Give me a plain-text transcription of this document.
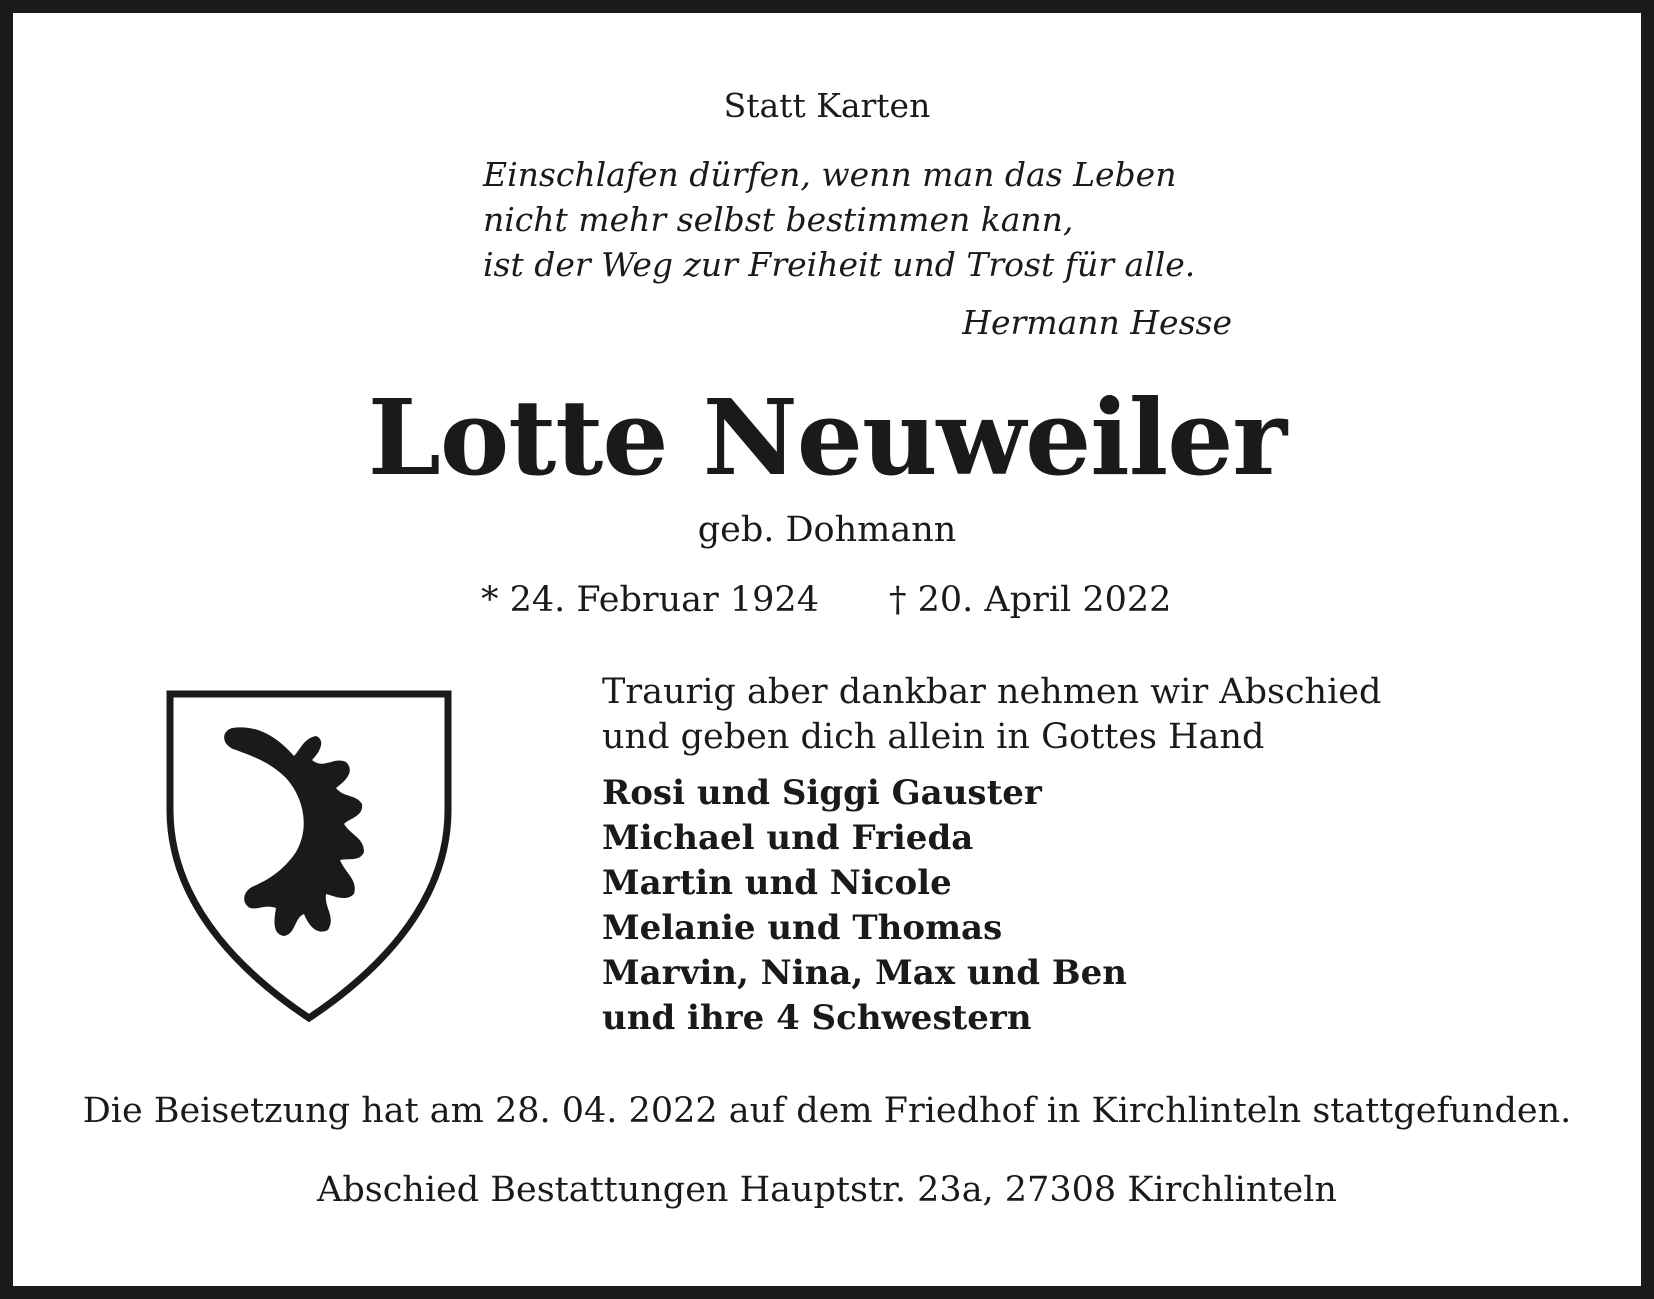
Statt Karten
Einschlafen dürfen, wenn man das Leben
nicht mehr selbst bestimmen kann,
ist der Weg zur Freiheit und Trost für alle.
Hermann Hesse
Lotte Neuweiler
geb. Dohmann
* 24. Februar 1924 † 20. April 2022
Traurig aber dankbar nehmen wir Abschied
und geben dich allein in Gottes Hand
Rosi und Siggi Gauster
Michael und Frieda
Martin und Nicole
Melanie und Thomas
Marvin, Nina, Max und Ben
und ihre 4 Schwestern
Die Beisetzung hat am 28. 04. 2022 auf dem Friedhof in Kirchlinteln stattgefunden.
Abschied Bestattungen Hauptstr. 23a, 27308 Kirchlinteln
